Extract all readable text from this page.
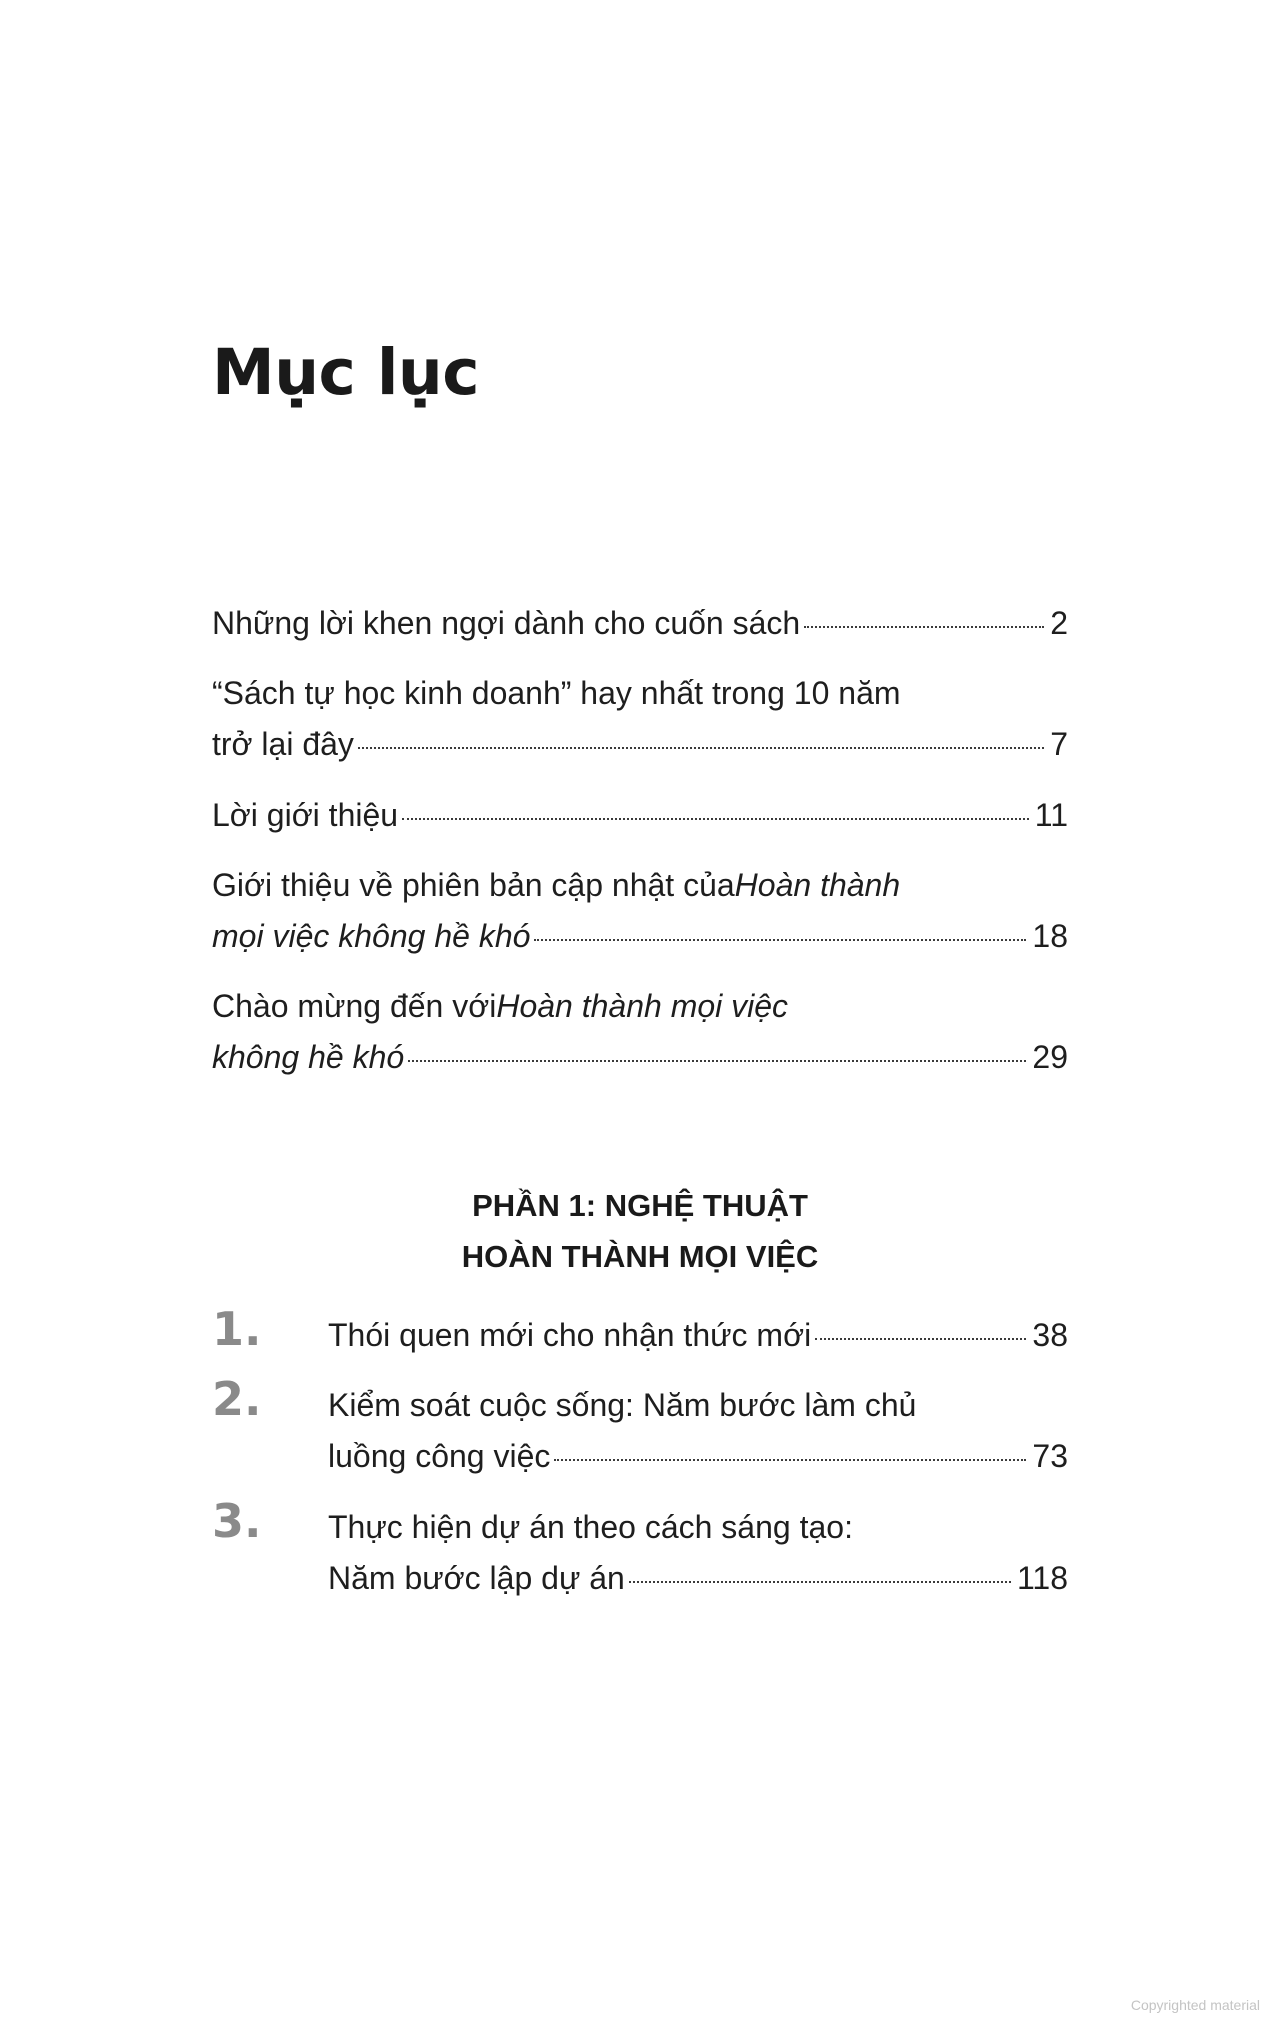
Mục lục
Những lời khen ngợi dành cho cuốn sách	2
“Sách tự học kinh doanh” hay nhất trong 10 năm
trở lại đây	7
Lời giới thiệu	11
Giới thiệu về phiên bản cập nhật của Hoàn thành
mọi việc không hề khó	18
Chào mừng đến với Hoàn thành mọi việc
không hề khó	29
PHẦN 1: NGHỆ THUẬT
HOÀN THÀNH MỌI VIỆC
1. Thói quen mới cho nhận thức mới	38
2. Kiểm soát cuộc sống: Năm bước làm chủ
luồng công việc	73
3. Thực hiện dự án theo cách sáng tạo:
Năm bước lập dự án	118
Copyrighted material
